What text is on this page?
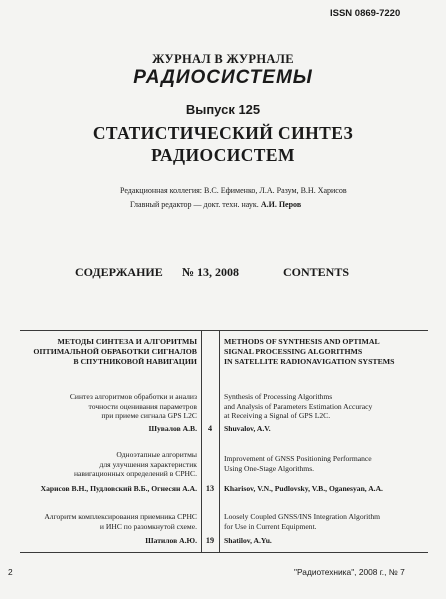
ISSN 0869-7220
ЖУРНАЛ В ЖУРНАЛЕ
РАДИОСИСТЕМЫ
Выпуск 125
СТАТИСТИЧЕСКИЙ СИНТЕЗ
РАДИОСИСТЕМ
Редакционная коллегия: В.С. Ефименко, Л.А. Разум, В.Н. Харисов
Главный редактор — докт. техн. наук. А.И. Перов
СОДЕРЖАНИЕ № 13, 2008	CONTENTS
МЕТОДЫ СИНТЕЗА И АЛГОРИТМЫ
ОПТИМАЛЬНОЙ ОБРАБОТКИ СИГНАЛОВ
В СПУТНИКОВОЙ НАВИГАЦИИ
METHODS OF SYNTHESIS AND OPTIMAL
SIGNAL PROCESSING ALGORITHMS
IN SATELLITE RADIONAVIGATION SYSTEMS
Синтез алгоритмов обработки и анализ
точности оценивания параметров
при приеме сигнала GPS L2C
Шувалов А.В.	4
Synthesis of Processing Algorithms
and Analysis of Parameters Estimation Accuracy
at Receiving a Signal of GPS L2C.
Shuvalov, A.V.
Одноэтапные алгоритмы
для улучшения характеристик
навигационных определений в СРНС.
Харисов В.Н., Пудловский В.Б., Огнесян А.А.	13
Improvement of GNSS Positioning Performance
Using One-Stage Algorithms.
Kharisov, V.N., Pudlovsky, V.B., Oganesyan, A.A.
Алгоритм комплексирования приемника СРНС
и ИНС по разомкнутой схеме.
Шатилов А.Ю.	19
Loosely Coupled GNSS/INS Integration Algorithm
for Use in Current Equipment.
Shatilov, A.Yu.
2	"Радиотехника", 2008 г., № 7
